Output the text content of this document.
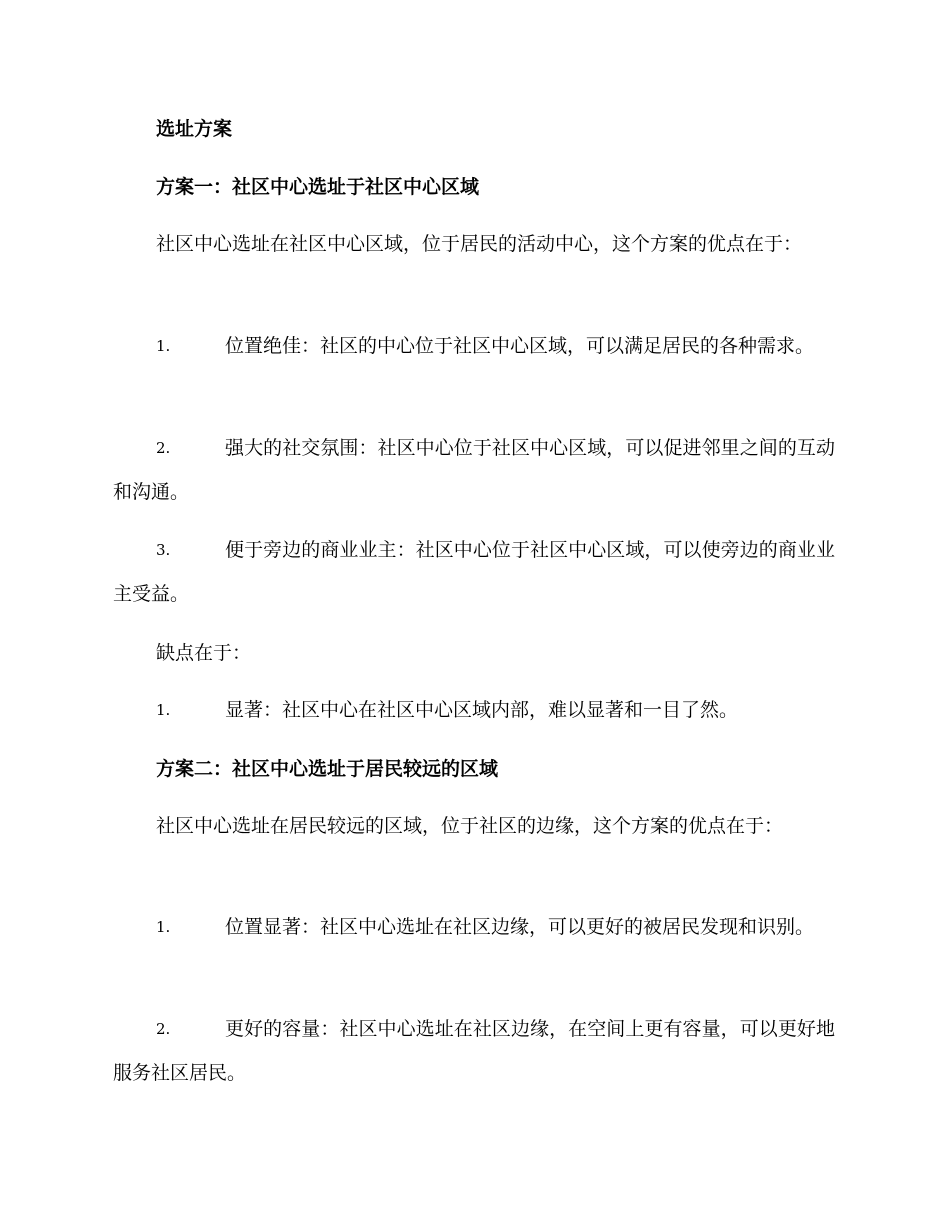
选址方案
方案一：社区中心选址于社区中心区域
社区中心选址在社区中心区域，位于居民的活动中心，这个方案的优点在于：
1.	位置绝佳：社区的中心位于社区中心区域，可以满足居民的各种需求。
2.	强大的社交氛围：社区中心位于社区中心区域，可以促进邻里之间的互动和沟通。
3.	便于旁边的商业业主：社区中心位于社区中心区域，可以使旁边的商业业主受益。
缺点在于：
1.	显著：社区中心在社区中心区域内部，难以显著和一目了然。
方案二：社区中心选址于居民较远的区域
社区中心选址在居民较远的区域，位于社区的边缘，这个方案的优点在于：
1.	位置显著：社区中心选址在社区边缘，可以更好的被居民发现和识别。
2.	更好的容量：社区中心选址在社区边缘，在空间上更有容量，可以更好地服务社区居民。
